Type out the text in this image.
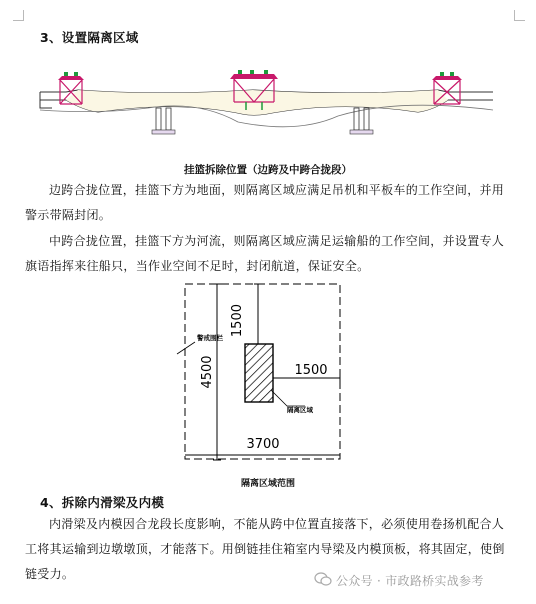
3、设置隔离区域
挂篮拆除位置（边跨及中跨合拢段）
边跨合拢位置，挂篮下方为地面，则隔离区域应满足吊机和平板车的工作空间，并用
警示带隔封闭。
中跨合拢位置，挂篮下方为河流，则隔离区域应满足运输船的工作空间，并设置专人
旗语指挥来往船只，当作业空间不足时，封闭航道，保证安全。
1500
1500
4500
3700
警戒围栏
隔离区域
隔离区域范围
4、拆除内滑梁及内模
内滑梁及内模因合龙段长度影响，不能从跨中位置直接落下，必须使用卷扬机配合人
工将其运输到边墩墩顶，才能落下。用倒链挂住箱室内导梁及内模顶板，将其固定，使倒
链受力。	公众号 · 市政路桥实战参考
